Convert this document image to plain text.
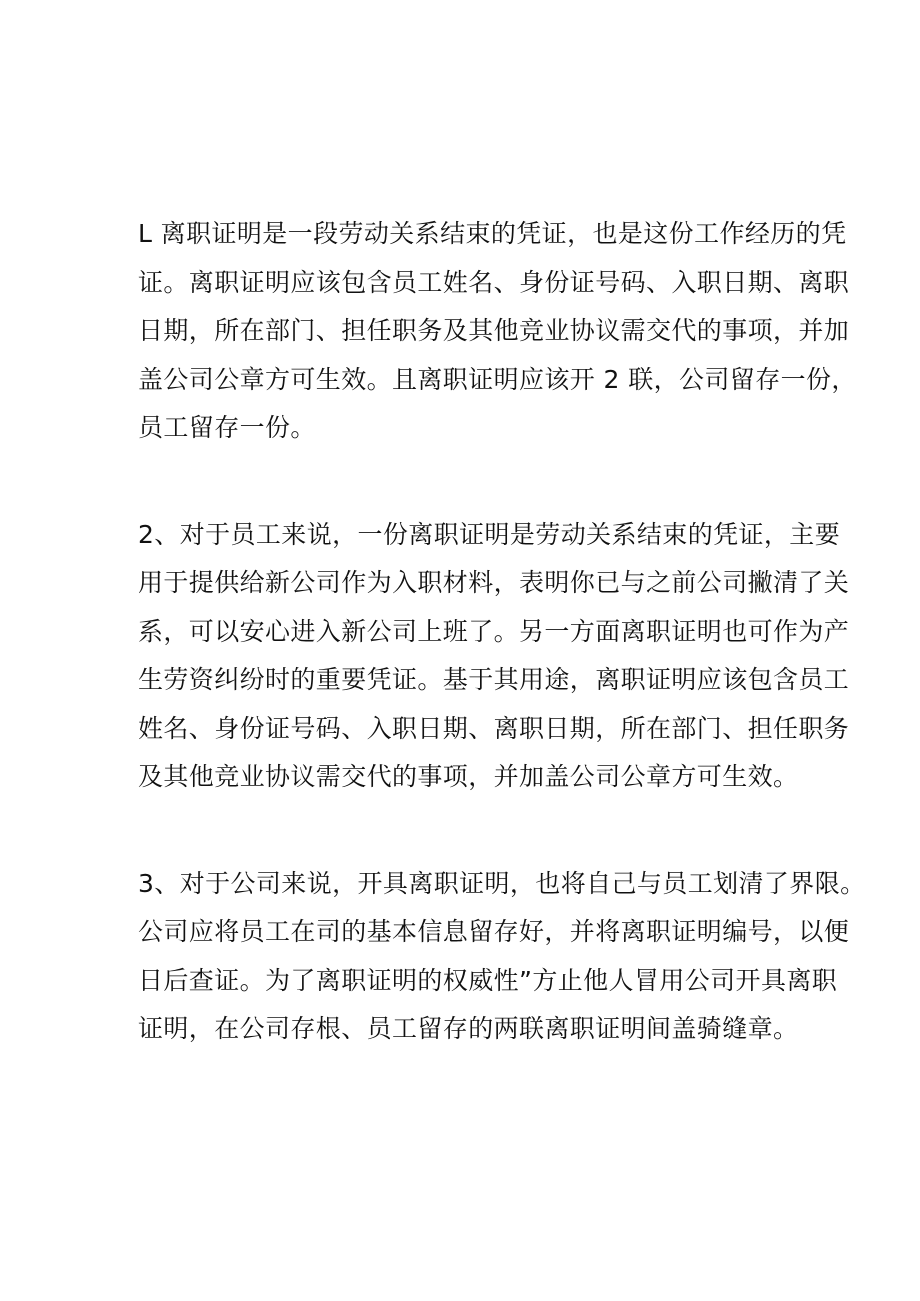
L 离职证明是一段劳动关系结束的凭证，也是这份工作经历的凭
证。离职证明应该包含员工姓名、身份证号码、入职日期、离职
日期，所在部门、担任职务及其他竞业协议需交代的事项，并加
盖公司公章方可生效。且离职证明应该开 2 联，公司留存一份，
员工留存一份。

2、对于员工来说，一份离职证明是劳动关系结束的凭证，主要
用于提供给新公司作为入职材料，表明你已与之前公司撇清了关
系，可以安心进入新公司上班了。另一方面离职证明也可作为产
生劳资纠纷时的重要凭证。基于其用途，离职证明应该包含员工
姓名、身份证号码、入职日期、离职日期，所在部门、担任职务
及其他竞业协议需交代的事项，并加盖公司公章方可生效。

3、对于公司来说，开具离职证明，也将自己与员工划清了界限。
公司应将员工在司的基本信息留存好，并将离职证明编号，以便
日后查证。为了离职证明的权威性”方止他人冒用公司开具离职
证明，在公司存根、员工留存的两联离职证明间盖骑缝章。
